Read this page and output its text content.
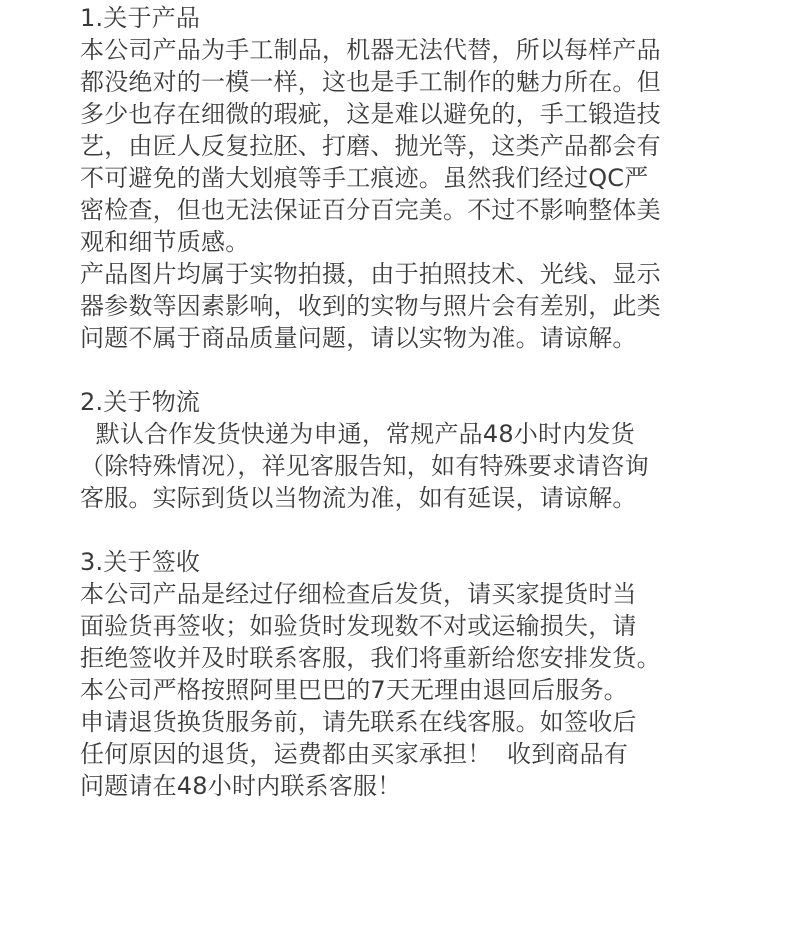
1.关于产品
本公司产品为手工制品，机器无法代替，所以每样产品
都没绝对的一模一样，这也是手工制作的魅力所在。但
多少也存在细微的瑕疵，这是难以避免的，手工锻造技
艺，由匠人反复拉胚、打磨、抛光等，这类产品都会有
不可避免的凿大划痕等手工痕迹。虽然我们经过QC严
密检查，但也无法保证百分百完美。不过不影响整体美
观和细节质感。
产品图片均属于实物拍摄，由于拍照技术、光线、显示
器参数等因素影响，收到的实物与照片会有差别，此类
问题不属于商品质量问题，请以实物为准。请谅解。
2.关于物流
默认合作发货快递为申通，常规产品48小时内发货
（除特殊情况），祥见客服告知，如有特殊要求请咨询
客服。实际到货以当物流为准，如有延误，请谅解。
3.关于签收
本公司产品是经过仔细检查后发货，请买家提货时当
面验货再签收；如验货时发现数不对或运输损失，请
拒绝签收并及时联系客服，我们将重新给您安排发货。
本公司严格按照阿里巴巴的7天无理由退回后服务。
申请退货换货服务前，请先联系在线客服。如签收后
任何原因的退货，运费都由买家承担！  收到商品有
问题请在48小时内联系客服！
